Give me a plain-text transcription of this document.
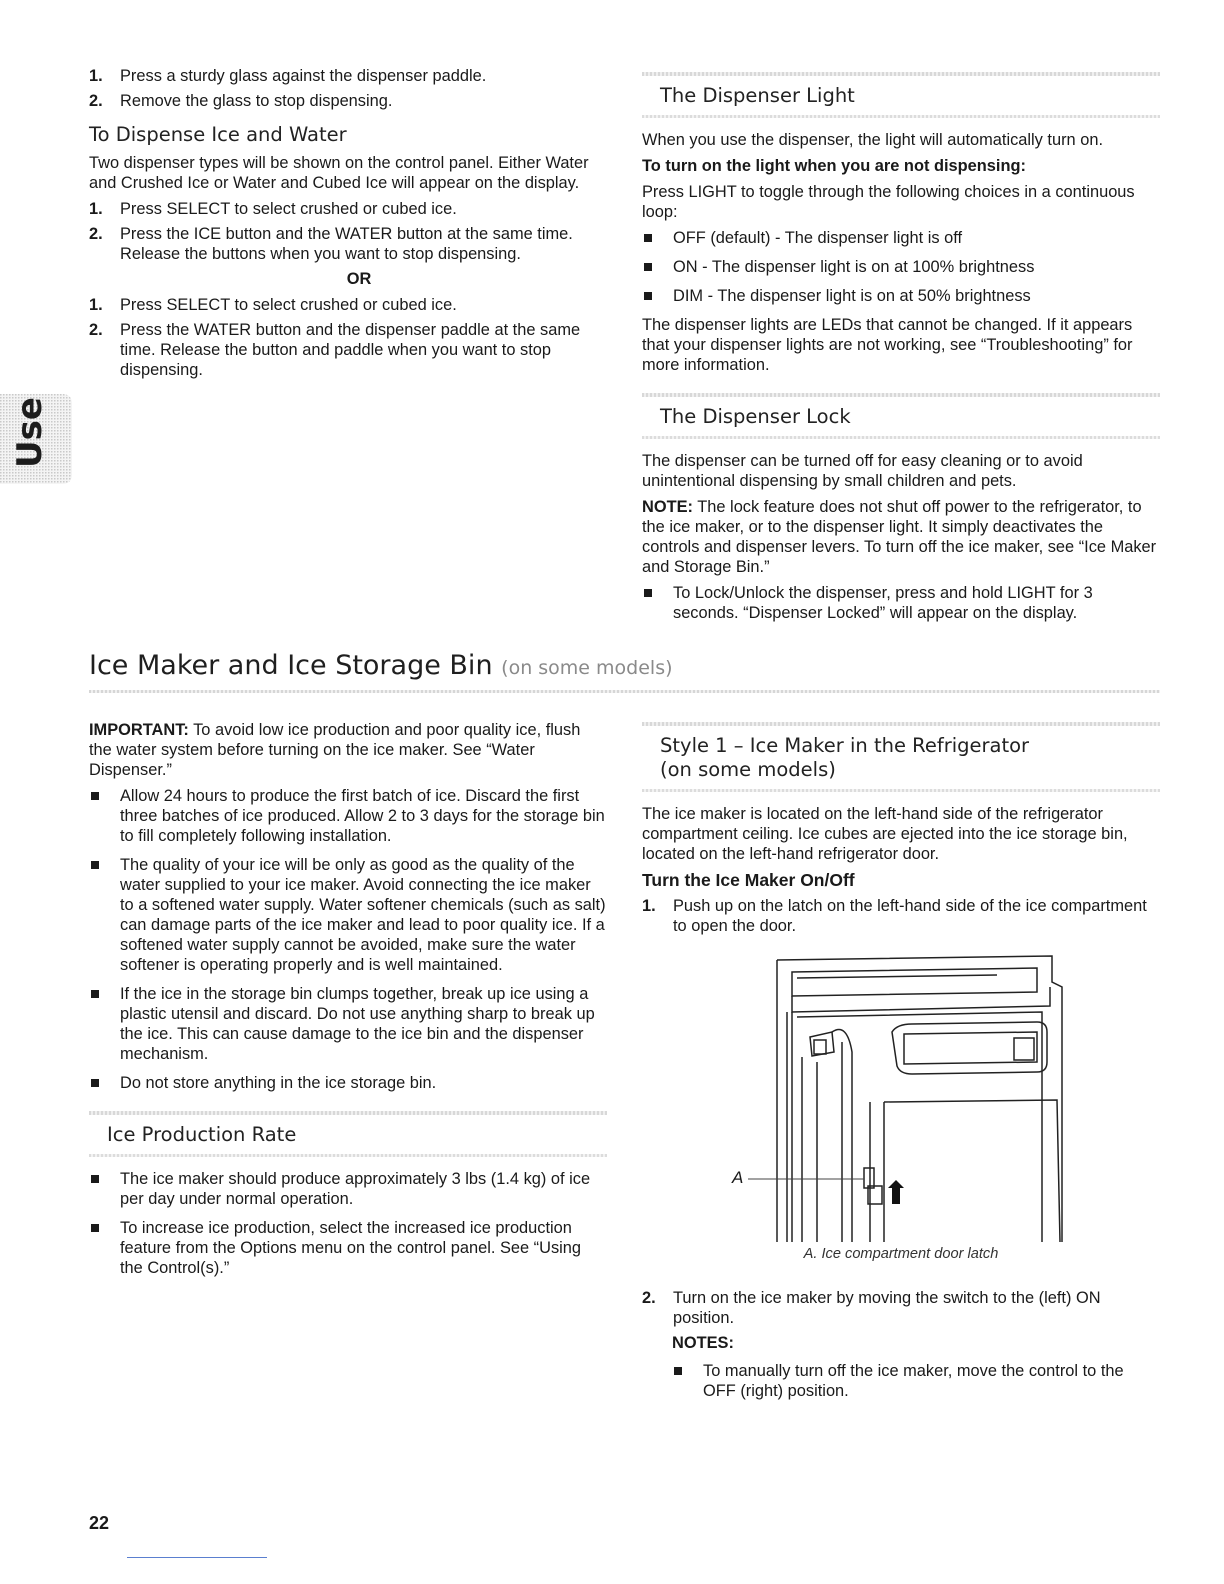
Use
1. Press a sturdy glass against the dispenser paddle.
2. Remove the glass to stop dispensing.
To Dispense Ice and Water

Two dispenser types will be shown on the control panel. Either Water and Crushed Ice or Water and Cubed Ice will appear on the display.

1. Press SELECT to select crushed or cubed ice.
2. Press the ICE button and the WATER button at the same time. Release the buttons when you want to stop dispensing.
OR
1. Press SELECT to select crushed or cubed ice.
2. Press the WATER button and the dispenser paddle at the same time. Release the button and paddle when you want to stop dispensing.
The Dispenser Light

When you use the dispenser, the light will automatically turn on.

To turn on the light when you are not dispensing:

Press LIGHT to toggle through the following choices in a continuous loop:

OFF (default) - The dispenser light is off
ON - The dispenser light is on at 100% brightness
DIM - The dispenser light is on at 50% brightness

The dispenser lights are LEDs that cannot be changed. If it appears that your dispenser lights are not working, see “Troubleshooting” for more information.

The Dispenser Lock

The dispenser can be turned off for easy cleaning or to avoid unintentional dispensing by small children and pets.

NOTE: The lock feature does not shut off power to the refrigerator, to the ice maker, or to the dispenser light. It simply deactivates the controls and dispenser levers. To turn off the ice maker, see “Ice Maker and Storage Bin.”

To Lock/Unlock the dispenser, press and hold LIGHT for 3 seconds. “Dispenser Locked” will appear on the display.
Ice Maker and Ice Storage Bin (on some models)

IMPORTANT: To avoid low ice production and poor quality ice, flush the water system before turning on the ice maker. See “Water Dispenser.”

Allow 24 hours to produce the first batch of ice. Discard the first three batches of ice produced. Allow 2 to 3 days for the storage bin to fill completely following installation.
The quality of your ice will be only as good as the quality of the water supplied to your ice maker. Avoid connecting the ice maker to a softened water supply. Water softener chemicals (such as salt) can damage parts of the ice maker and lead to poor quality ice. If a softened water supply cannot be avoided, make sure the water softener is operating properly and is well maintained.
If the ice in the storage bin clumps together, break up ice using a plastic utensil and discard. Do not use anything sharp to break up the ice. This can cause damage to the ice bin and the dispenser mechanism.
Do not store anything in the ice storage bin.
Ice Production Rate
The ice maker should produce approximately 3 lbs (1.4 kg) of ice per day under normal operation.
To increase ice production, select the increased ice production feature from the Options menu on the control panel. See “Using the Control(s).”
Style 1 – Ice Maker in the Refrigerator
(on some models)

The ice maker is located on the left-hand side of the refrigerator compartment ceiling. Ice cubes are ejected into the ice storage bin, located on the left-hand refrigerator door.

Turn the Ice Maker On/Off
1. Push up on the latch on the left-hand side of the ice compartment to open the door.
A
A. Ice compartment door latch
2. Turn on the ice maker by moving the switch to the (left) ON position.
NOTES:
To manually turn off the ice maker, move the control to the OFF (right) position.
22
